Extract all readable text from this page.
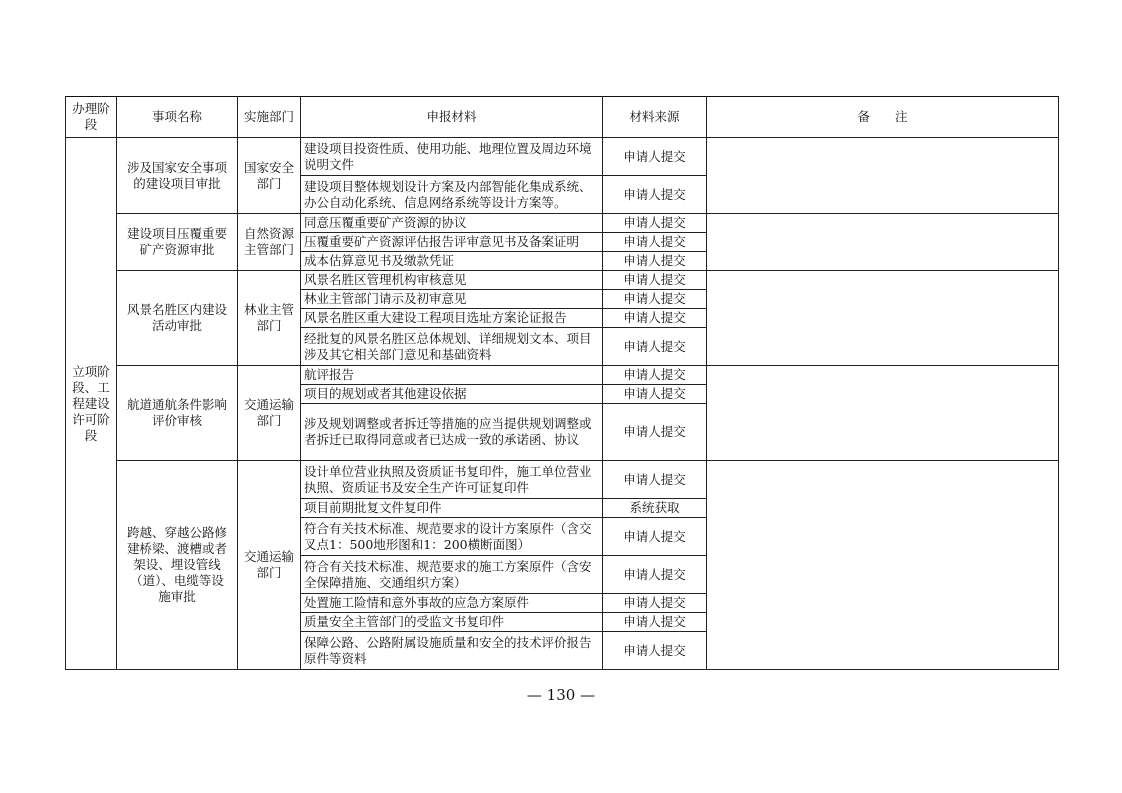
办理阶段	事项名称	实施部门	申报材料	材料来源	备　　注
立项阶段、工程建设许可阶段	涉及国家安全事项的建设项目审批	国家安全部门	建设项目投资性质、使用功能、地理位置及周边环境说明文件	申请人提交	
			建设项目整体规划设计方案及内部智能化集成系统、办公自动化系统、信息网络系统等设计方案等。	申请人提交	
	建设项目压覆重要矿产资源审批	自然资源主管部门	同意压覆重要矿产资源的协议	申请人提交	
			压覆重要矿产资源评估报告评审意见书及备案证明	申请人提交	
			成本估算意见书及缴款凭证	申请人提交	
	风景名胜区内建设活动审批	林业主管部门	风景名胜区管理机构审核意见	申请人提交	
			林业主管部门请示及初审意见	申请人提交	
			风景名胜区重大建设工程项目选址方案论证报告	申请人提交	
			经批复的风景名胜区总体规划、详细规划文本、项目涉及其它相关部门意见和基础资料	申请人提交	
	航道通航条件影响评价审核	交通运输部门	航评报告	申请人提交	
			项目的规划或者其他建设依据	申请人提交	
			涉及规划调整或者拆迁等措施的应当提供规划调整或者拆迁已取得同意或者已达成一致的承诺函、协议	申请人提交	
	跨越、穿越公路修建桥梁、渡槽或者架设、埋设管线（道）、电缆等设施审批	交通运输部门	设计单位营业执照及资质证书复印件，施工单位营业执照、资质证书及安全生产许可证复印件	申请人提交	
			项目前期批复文件复印件	系统获取	
			符合有关技术标准、规范要求的设计方案原件（含交叉点1：500地形图和1：200横断面图）	申请人提交	
			符合有关技术标准、规范要求的施工方案原件（含安全保障措施、交通组织方案）	申请人提交	
			处置施工险情和意外事故的应急方案原件	申请人提交	
			质量安全主管部门的受监文书复印件	申请人提交	
			保障公路、公路附属设施质量和安全的技术评价报告原件等资料	申请人提交	
— 130 —
